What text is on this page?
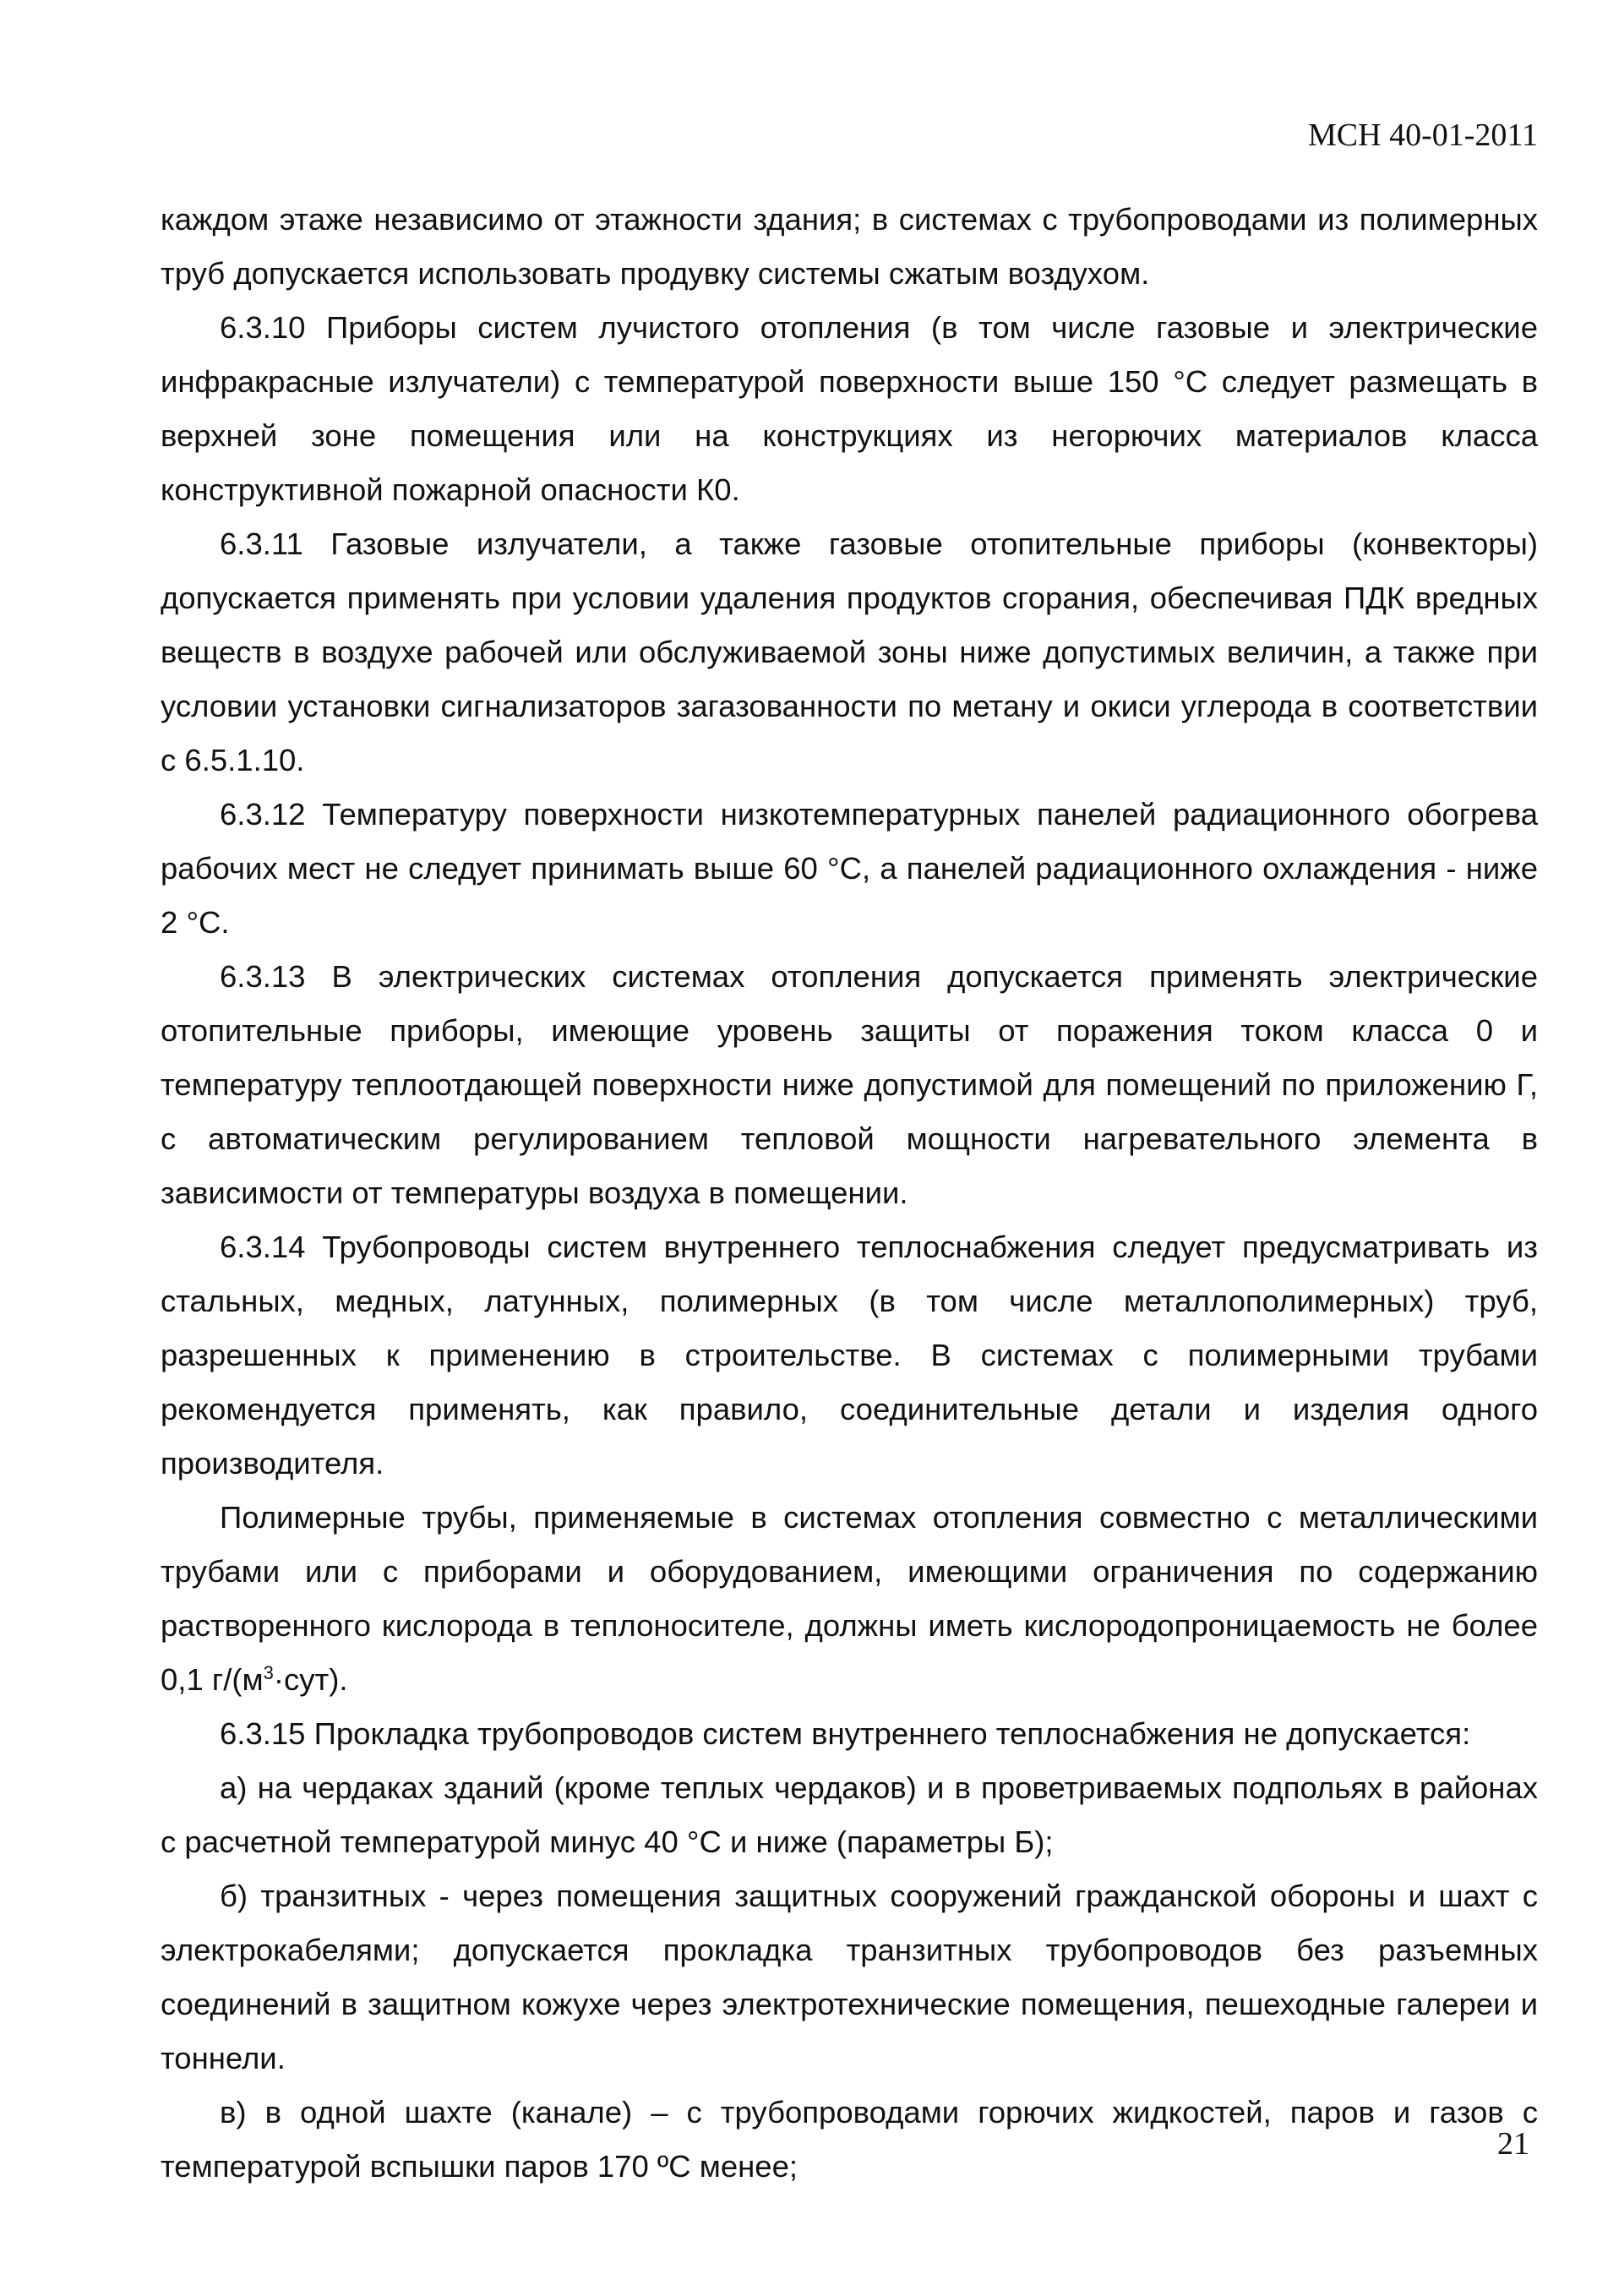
МСН 40-01-2011

каждом этаже независимо от этажности здания; в системах с трубопроводами из полимерных труб допускается использовать продувку системы сжатым воздухом.

6.3.10 Приборы систем лучистого отопления (в том числе газовые и электрические инфракрасные излучатели) с температурой поверхности выше 150 °С следует размещать в верхней зоне помещения или на конструкциях из негорючих материалов класса конструктивной пожарной опасности К0.

6.3.11 Газовые излучатели, а также газовые отопительные приборы (конвекторы) допускается применять при условии удаления продуктов сгорания, обеспечивая ПДК вредных веществ в воздухе рабочей или обслуживаемой зоны ниже допустимых величин, а также при условии установки сигнализаторов загазованности по метану и окиси углерода в соответствии с 6.5.1.10.

6.3.12 Температуру поверхности низкотемпературных панелей радиационного обогрева рабочих мест не следует принимать выше 60 °С, а панелей радиационного охлаждения - ниже 2 °С.

6.3.13 В электрических системах отопления допускается применять электрические отопительные приборы, имеющие уровень защиты от поражения током класса 0 и температуру теплоотдающей поверхности ниже допустимой для помещений по приложению Г, с автоматическим регулированием тепловой мощности нагревательного элемента в зависимости от температуры воздуха в помещении.

6.3.14 Трубопроводы систем внутреннего теплоснабжения следует предусматривать из стальных, медных, латунных, полимерных (в том числе металлополимерных) труб, разрешенных к применению в строительстве. В системах с полимерными трубами рекомендуется применять, как правило, соединительные детали и изделия одного производителя.

Полимерные трубы, применяемые в системах отопления совместно с металлическими трубами или с приборами и оборудованием, имеющими ограничения по содержанию растворенного кислорода в теплоносителе, должны иметь кислородопроницаемость не более 0,1 $г/(м^3\cdot сут)$.

6.3.15 Прокладка трубопроводов систем внутреннего теплоснабжения не допускается:

а) на чердаках зданий (кроме теплых чердаков) и в проветриваемых подпольях в районах с расчетной температурой минус 40 °С и ниже (параметры Б);

б) транзитных - через помещения защитных сооружений гражданской обороны и шахт с электрокабелями; допускается прокладка транзитных трубопроводов без разъемных соединений в защитном кожухе через электротехнические помещения, пешеходные галереи и тоннели.

в) в одной шахте (канале) – с трубопроводами горючих жидкостей, паров и газов с температурой вспышки паров 170 ºС менее;

21
